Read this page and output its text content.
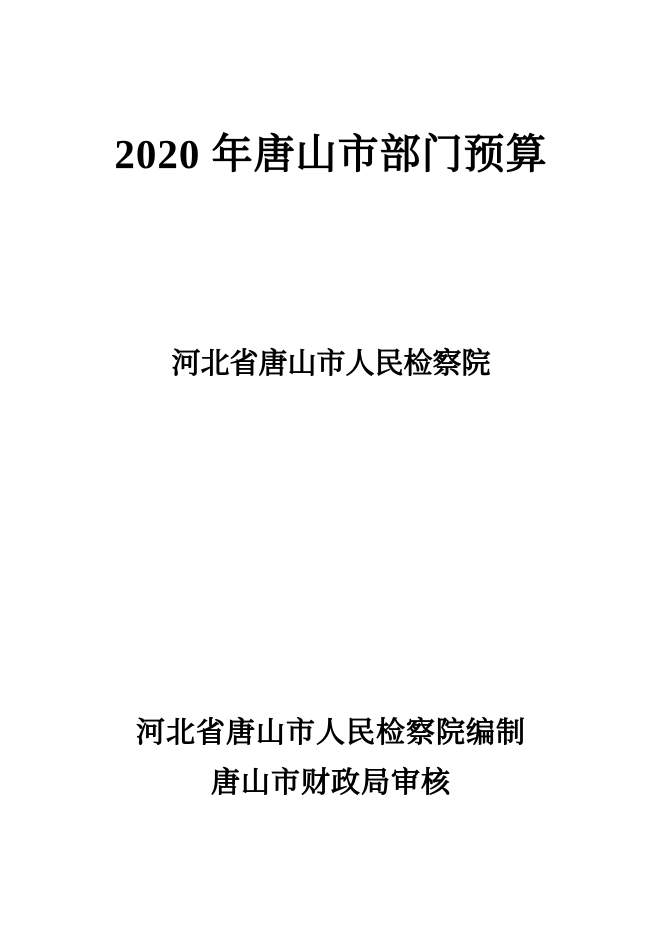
2020 年唐山市部门预算
河北省唐山市人民检察院
河北省唐山市人民检察院编制
唐山市财政局审核
